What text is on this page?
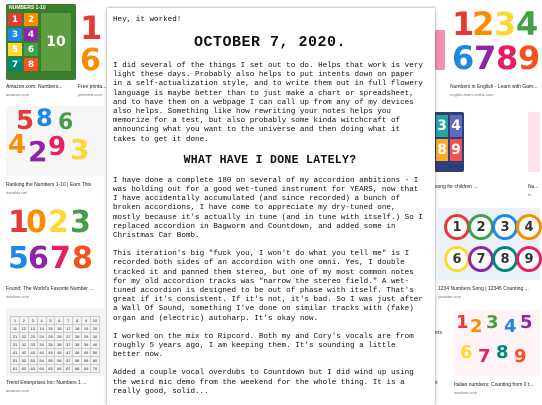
NUMBERS 1-10
1	2
3	4
5	6
7	8
10
Amazon.com: Numbers...
amazon.com
5 8 6
4 2 9 3
Ranking the Numbers 1-10 | Earn This
earnthis.net
1
0 2 3
5 6 7 8
Found: The World's Favorite Number ...
medium.com
1	2	3	4	5	6	7	8	9	10
11	12	13	14	15	16	17	18	19	20
21	22	23	24	25	26	27	28	29	30
31	32	33	34	35	36	37	38	39	40
41	42	43	44	45	46	47	48	49	50
51	52	53	54	55	56	57	58	59	60
61	62	63	64	65	66	67	68	69	70
Trend Enterprises Inc: Numbers 1 ...
amazon.com
1
6
Free printa...
pinterest.com
3 4
8 9
song for children ...
ers
s
1
2 3 4
6 7 8 9
Numbers in English - Learn with Gam...
english-learn-online.com
Nu...
fo...
1	2	3	4
6	7	8	9
1234 Numbers Song | 12345 Counting ...
youtube.com
1 2 3 4 5
6 7 8 9
Italian numbers: Counting from 0 t...
medium.com

Hey, it worked!

OCTOBER 7, 2020.

I did several of the things I set out to do. Helps that work is very light these days. Probably also helps to put intents down on paper in a self-actualization style, and to write them out in full flowery language is maybe better than to just make a chart or spreadsheet, and to have them on a webpage I can call up from any of my devices also helps. Something like how rewriting your notes helps you memorize for a test, but also probably some kinda witchcraft of announcing what you want to the universe and then doing what it takes to get it done.

WHAT HAVE I DONE LATELY?

I have done a complete 180 on several of my accordion ambitions - I was holding out for a good wet-tuned instrument for YEARS, now that I have accidentally accumulated (and since recorded) a bunch of broken accordions, I have come to appreciate my dry-tuned one, mostly because it's actually in tune (and in tune with itself.) So I replaced accordion in Bagworm and Countdown, and added some in Christmas Car Bomb.

This iteration's big "fuck you, I won't do what you tell me" is I recorded both sides of an accordion with one omni. Yes, I double tracked it and panned them stereo, but one of my most common notes for my old accordion tracks was "narrow the stereo field." A wet-tuned accordion is designed to be out of phase with itself. That's great if it's consistent. If it's not, it's bad. So I was just after a Wall Of Sound, something I've done on similar tracks with (fake) organ and (electric) autoharp. It's okay now.

I worked on the mix to Ripcord. Both my and Cory's vocals are from roughly 5 years ago, I am keeping them. It's sounding a little better now.

Added a couple vocal overdubs to Countdown but I did wind up using the weird mic demo from the weekend for the whole thing. It is a really good, solid...
